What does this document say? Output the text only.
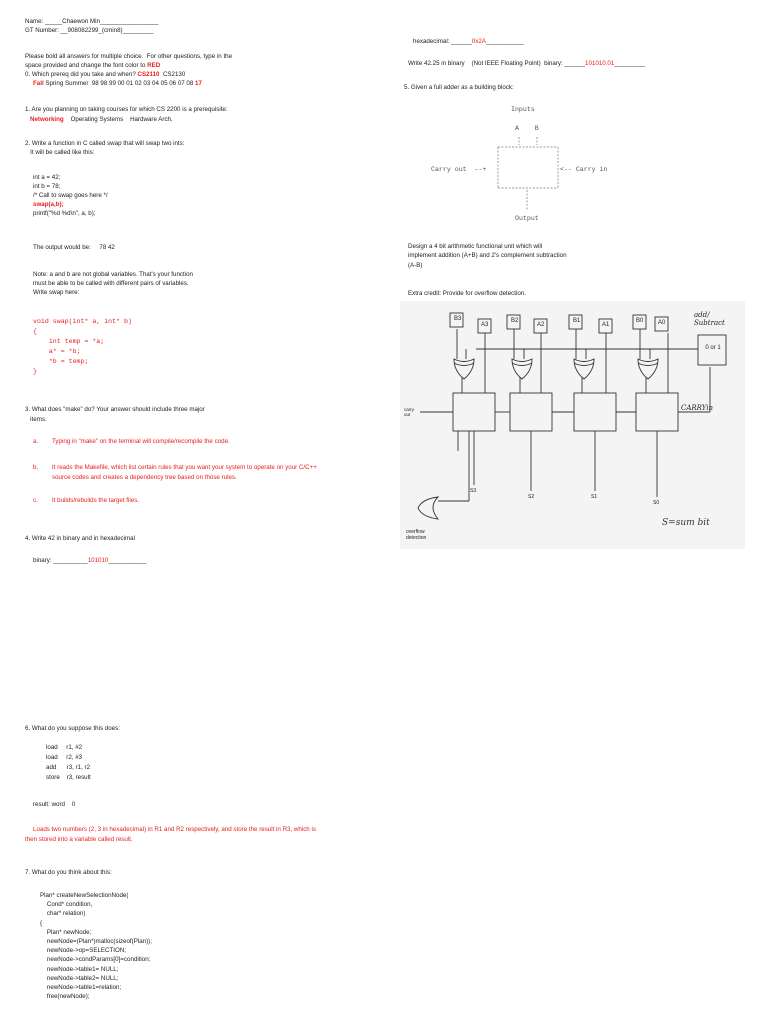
Name: _____Chaewon Min_________________
GT Number: __908082299_(cmin8)_________
Please bold all answers for multiple choice.  For other questions, type in the
space provided and change the font color to RED
0. Which prereq did you take and when? CS2110  CS2130
Fall Spring Summer  98 98 99 00 01 02 03 04 05 06 07 08 17
1. Are you planning on taking courses for which CS 2200 is a prerequisite:
Networking    Operating Systems    Hardware Arch.
2. Write a function in C called swap that will swap two ints:
It will be called like this:
int a = 42;
int b = 78;
/* Call to swap goes here */
swap(a,b);
printf("%d %d\n", a, b);
The output would be:     78 42
Note: a and b are not global variables. That's your function
must be able to be called with different pairs of variables.
Write swap here:
void swap(int* a, int* b)
{
int temp = *a;
a* = *b;
*b = temp;
}
3. What does "make" do? Your answer should include three major
items.
a. Typing in "make" on the terminal will compile/recompile the code.
b. It reads the Makefile, which list certain rules that you want your system to operate on your C/C++
source codes and creates a dependency tree based on those rules.
c. It builds/rebuilds the target files.
4. Write 42 in binary and in hexadecimal
binary: __________101010___________
6. What do you suppose this does:
load     r1, #2
load     r2, #3
add      r3, r1, r2
store    r3, result
result: word    0
Loads two numbers (2, 3 in hexadecimal) in R1 and R2 respectively, and store the result in R3, which is
then stored into a variable called result.
7. What do you think about this:
Plan* createNewSelectionNode(
Cond* condition,
char* relation)
{
Plan* newNode;
newNode=(Plan*)malloc(sizeof(Plan));
newNode->op=SELECTION;
newNode->condParams[0]=condition;
newNode->table1= NULL;
newNode->table2= NULL;
newNode->table1=relation;
free(newNode);
hexadecimal: ______0x2A___________
Write 42.25 in binary    (Not IEEE Floating Point)  binary: ______101010.01_________
5. Given a full adder as a building block:
Inputs
A    B
Carry out  --+	<-- Carry in
Output
Design a 4 bit arithmetic functional unit which will
implement addition (A+B) and 2's complement subtraction
(A-B)
Extra credit: Provide for overflow detection.
B3
A3
B2
A2
B1
A1
B0 A0
add/ Subtract
0 or 1
CARRYin
carry out
S3
S2	S1
S0
overflow detection
S=sum bit
